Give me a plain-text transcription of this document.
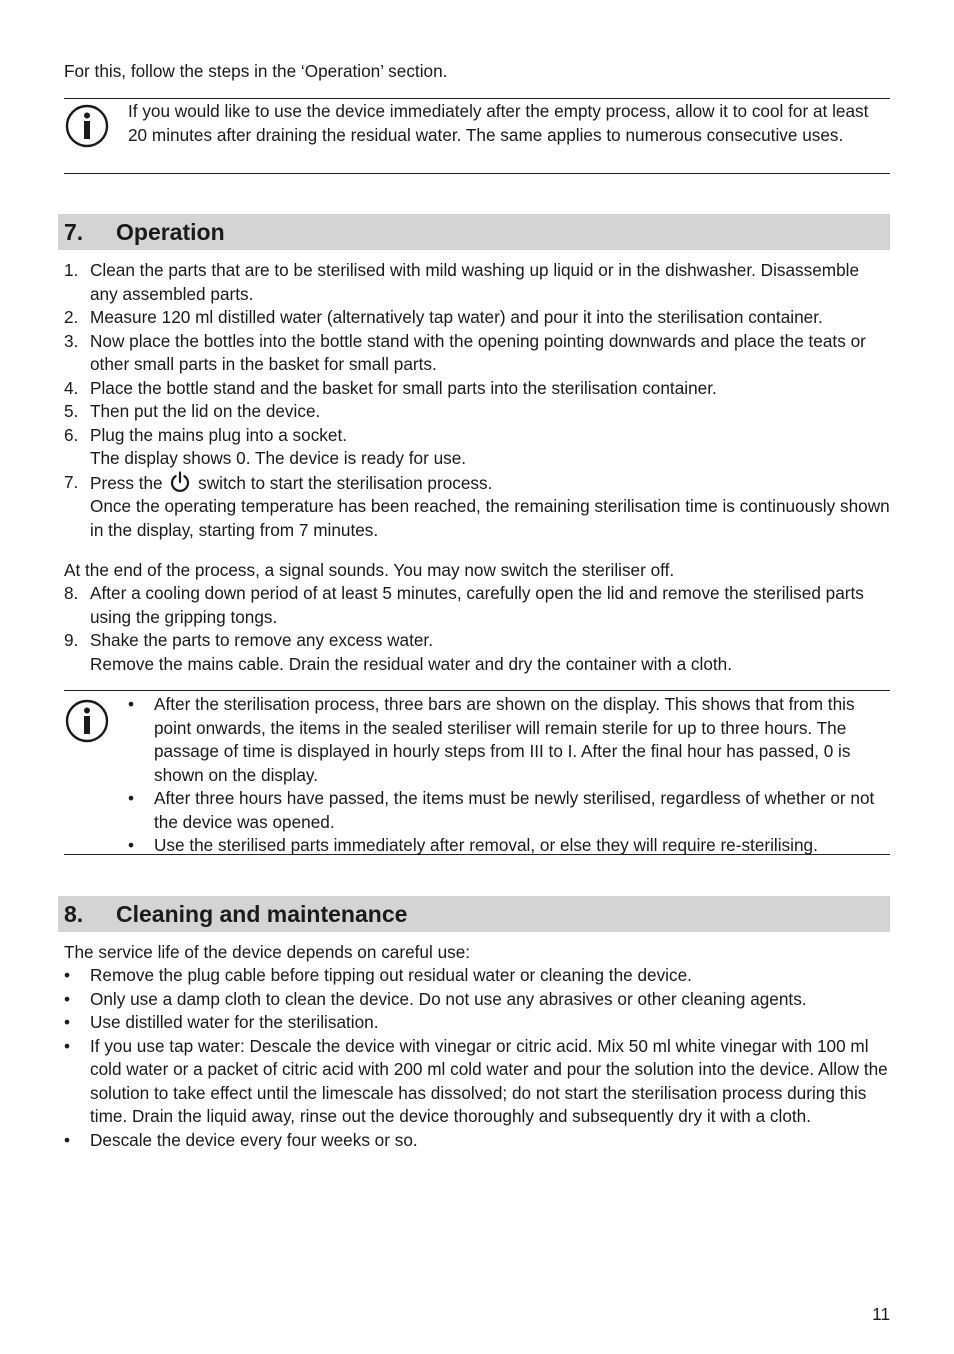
For this, follow the steps in the ‘Operation’ section.
If you would like to use the device immediately after the empty process, allow it to cool for at least 20 minutes after draining the residual water. The same applies to numerous consecutive uses.
7. Operation
1. Clean the parts that are to be sterilised with mild washing up liquid or in the dishwasher. Disassemble any assembled parts.
2. Measure 120 ml distilled water (alternatively tap water) and pour it into the sterilisation container.
3. Now place the bottles into the bottle stand with the opening pointing downwards and place the teats or other small parts in the basket for small parts.
4. Place the bottle stand and the basket for small parts into the sterilisation container.
5. Then put the lid on the device.
6. Plug the mains plug into a socket.
The display shows 0. The device is ready for use.
7. Press the switch to start the sterilisation process.
Once the operating temperature has been reached, the remaining sterilisation time is continuously shown in the display, starting from 7 minutes.
At the end of the process, a signal sounds. You may now switch the steriliser off.
8. After a cooling down period of at least 5 minutes, carefully open the lid and remove the sterilised parts using the gripping tongs.
9. Shake the parts to remove any excess water.
Remove the mains cable. Drain the residual water and dry the container with a cloth.
• After the sterilisation process, three bars are shown on the display. This shows that from this point onwards, the items in the sealed steriliser will remain sterile for up to three hours. The passage of time is displayed in hourly steps from III to I. After the final hour has passed, 0 is shown on the display.
• After three hours have passed, the items must be newly sterilised, regardless of whether or not the device was opened.
• Use the sterilised parts immediately after removal, or else they will require re-sterilising.
8. Cleaning and maintenance
The service life of the device depends on careful use:
• Remove the plug cable before tipping out residual water or cleaning the device.
• Only use a damp cloth to clean the device. Do not use any abrasives or other cleaning agents.
• Use distilled water for the sterilisation.
• If you use tap water: Descale the device with vinegar or citric acid. Mix 50 ml white vinegar with 100 ml cold water or a packet of citric acid with 200 ml cold water and pour the solution into the device. Allow the solution to take effect until the limescale has dissolved; do not start the sterilisation process during this time. Drain the liquid away, rinse out the device thoroughly and subsequently dry it with a cloth.
• Descale the device every four weeks or so.
11
